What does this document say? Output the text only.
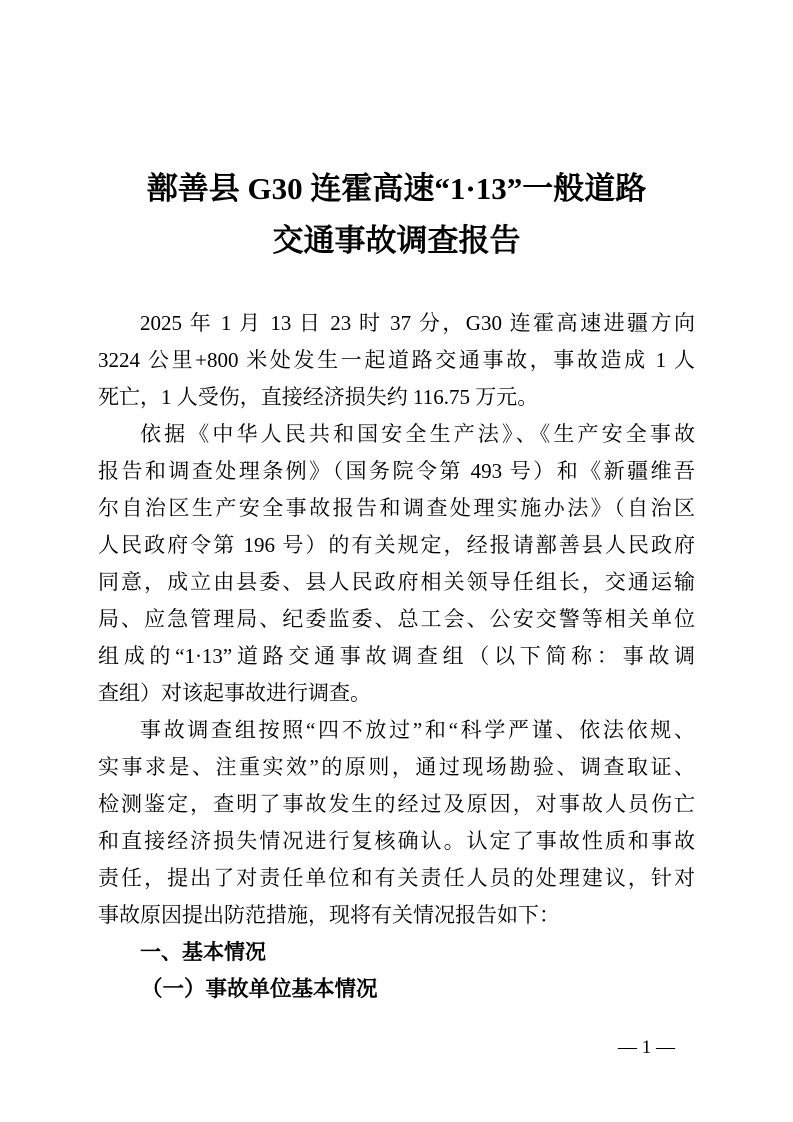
鄯善县 G30 连霍高速“1·13”一般道路
交通事故调查报告
2025 年 1 月 13 日 23 时 37 分，G30 连霍高速进疆方向
3224 公里+800 米处发生一起道路交通事故，事故造成 1 人
死亡，1 人受伤，直接经济损失约 116.75 万元。
依据《中华人民共和国安全生产法》、《生产安全事故
报告和调查处理条例》（国务院令第 493 号）和《新疆维吾
尔自治区生产安全事故报告和调查处理实施办法》（自治区
人民政府令第 196 号）的有关规定，经报请鄯善县人民政府
同意，成立由县委、县人民政府相关领导任组长，交通运输
局、应急管理局、纪委监委、总工会、公安交警等相关单位
组成的“1·13”道路交通事故调查组（以下简称：事故调
查组）对该起事故进行调查。
事故调查组按照“四不放过”和“科学严谨、依法依规、
实事求是、注重实效”的原则，通过现场勘验、调查取证、
检测鉴定，查明了事故发生的经过及原因，对事故人员伤亡
和直接经济损失情况进行复核确认。认定了事故性质和事故
责任，提出了对责任单位和有关责任人员的处理建议，针对
事故原因提出防范措施，现将有关情况报告如下：
一、基本情况
（一）事故单位基本情况
— 1 —
